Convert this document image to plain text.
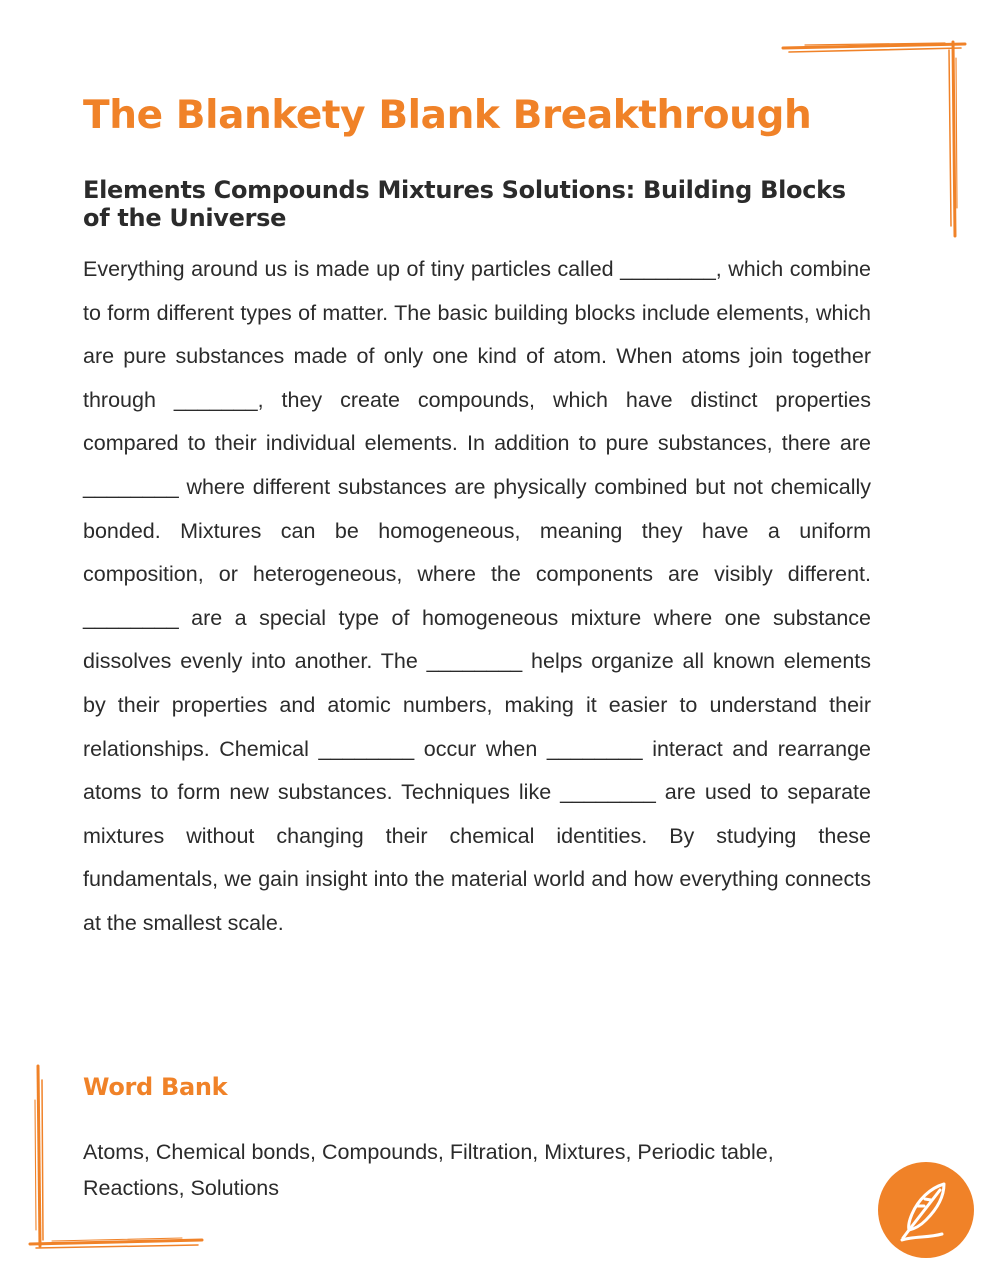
The Blankety Blank Breakthrough
Elements Compounds Mixtures Solutions: Building Blocks of the Universe

Everything around us is made up of tiny particles called ________, which combine to form different types of matter. The basic building blocks include elements, which are pure substances made of only one kind of atom. When atoms join together through _______, they create compounds, which have distinct properties compared to their individual elements. In addition to pure substances, there are ________ where different substances are physically combined but not chemically bonded. Mixtures can be homogeneous, meaning they have a uniform composition, or heterogeneous, where the components are visibly different. ________ are a special type of homogeneous mixture where one substance dissolves evenly into another. The ________ helps organize all known elements by their properties and atomic numbers, making it easier to understand their relationships. Chemical ________ occur when ________ interact and rearrange atoms to form new substances. Techniques like ________ are used to separate mixtures without changing their chemical identities. By studying these fundamentals, we gain insight into the material world and how everything connects at the smallest scale.

Word Bank

Atoms, Chemical bonds, Compounds, Filtration, Mixtures, Periodic table, Reactions, Solutions
